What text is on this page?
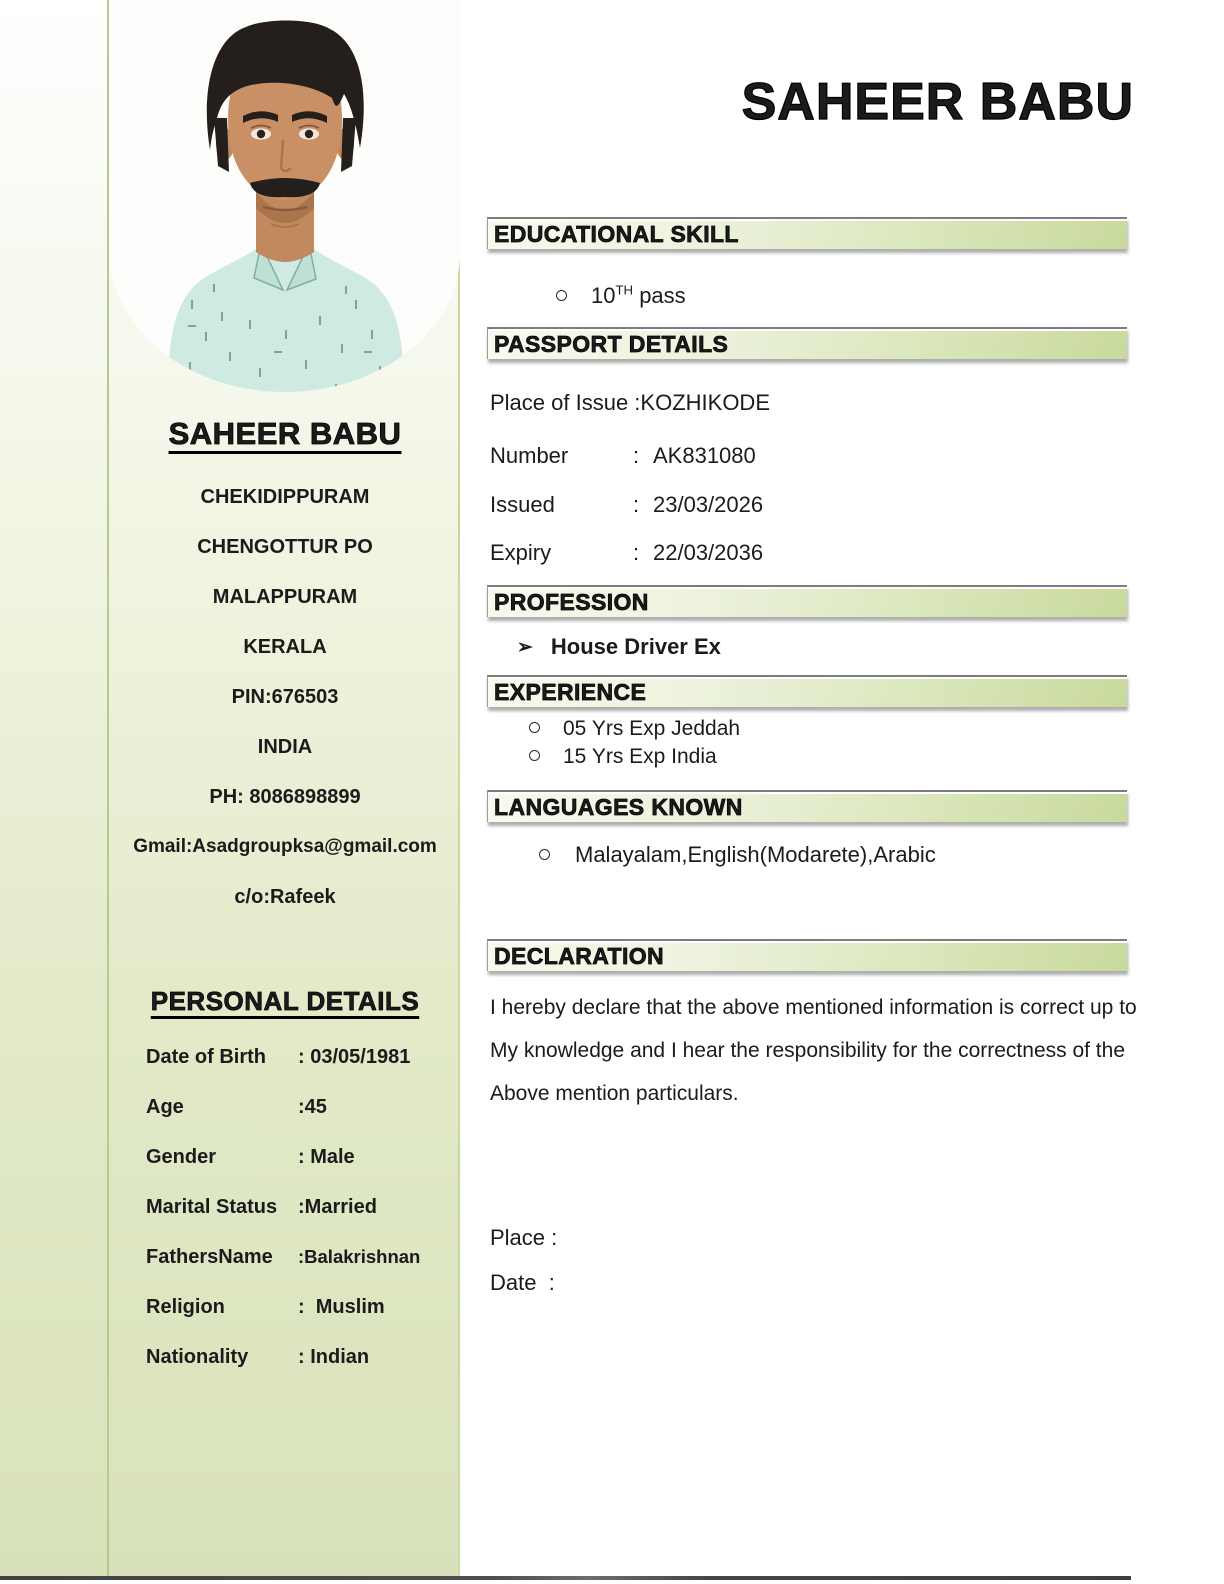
SAHEER BABU
CHEKIDIPPURAM
CHENGOTTUR PO
MALAPPURAM
KERALA
PIN:676503
INDIA
PH: 8086898899
Gmail:Asadgroupksa@gmail.com
c/o:Rafeek
PERSONAL DETAILS
Date of Birth	: 03/05/1981
Age	:45
Gender	: Male
Marital Status	:Married
FathersName	:Balakrishnan
Religion	:  Muslim
Nationality	: Indian
SAHEER BABU
EDUCATIONAL SKILL
10TH pass
PASSPORT DETAILS
Place of Issue :KOZHIKODE
Number	: AK831080
Issued	: 23/03/2026
Expiry	: 22/03/2036
PROFESSION
➢ House Driver Ex
EXPERIENCE
05 Yrs Exp Jeddah
15 Yrs Exp India
LANGUAGES KNOWN
Malayalam,English(Modarete),Arabic
DECLARATION
I hereby declare that the above mentioned information is correct up to
My knowledge and I hear the responsibility for the correctness of the
Above mention particulars.
Place :
Date  :
